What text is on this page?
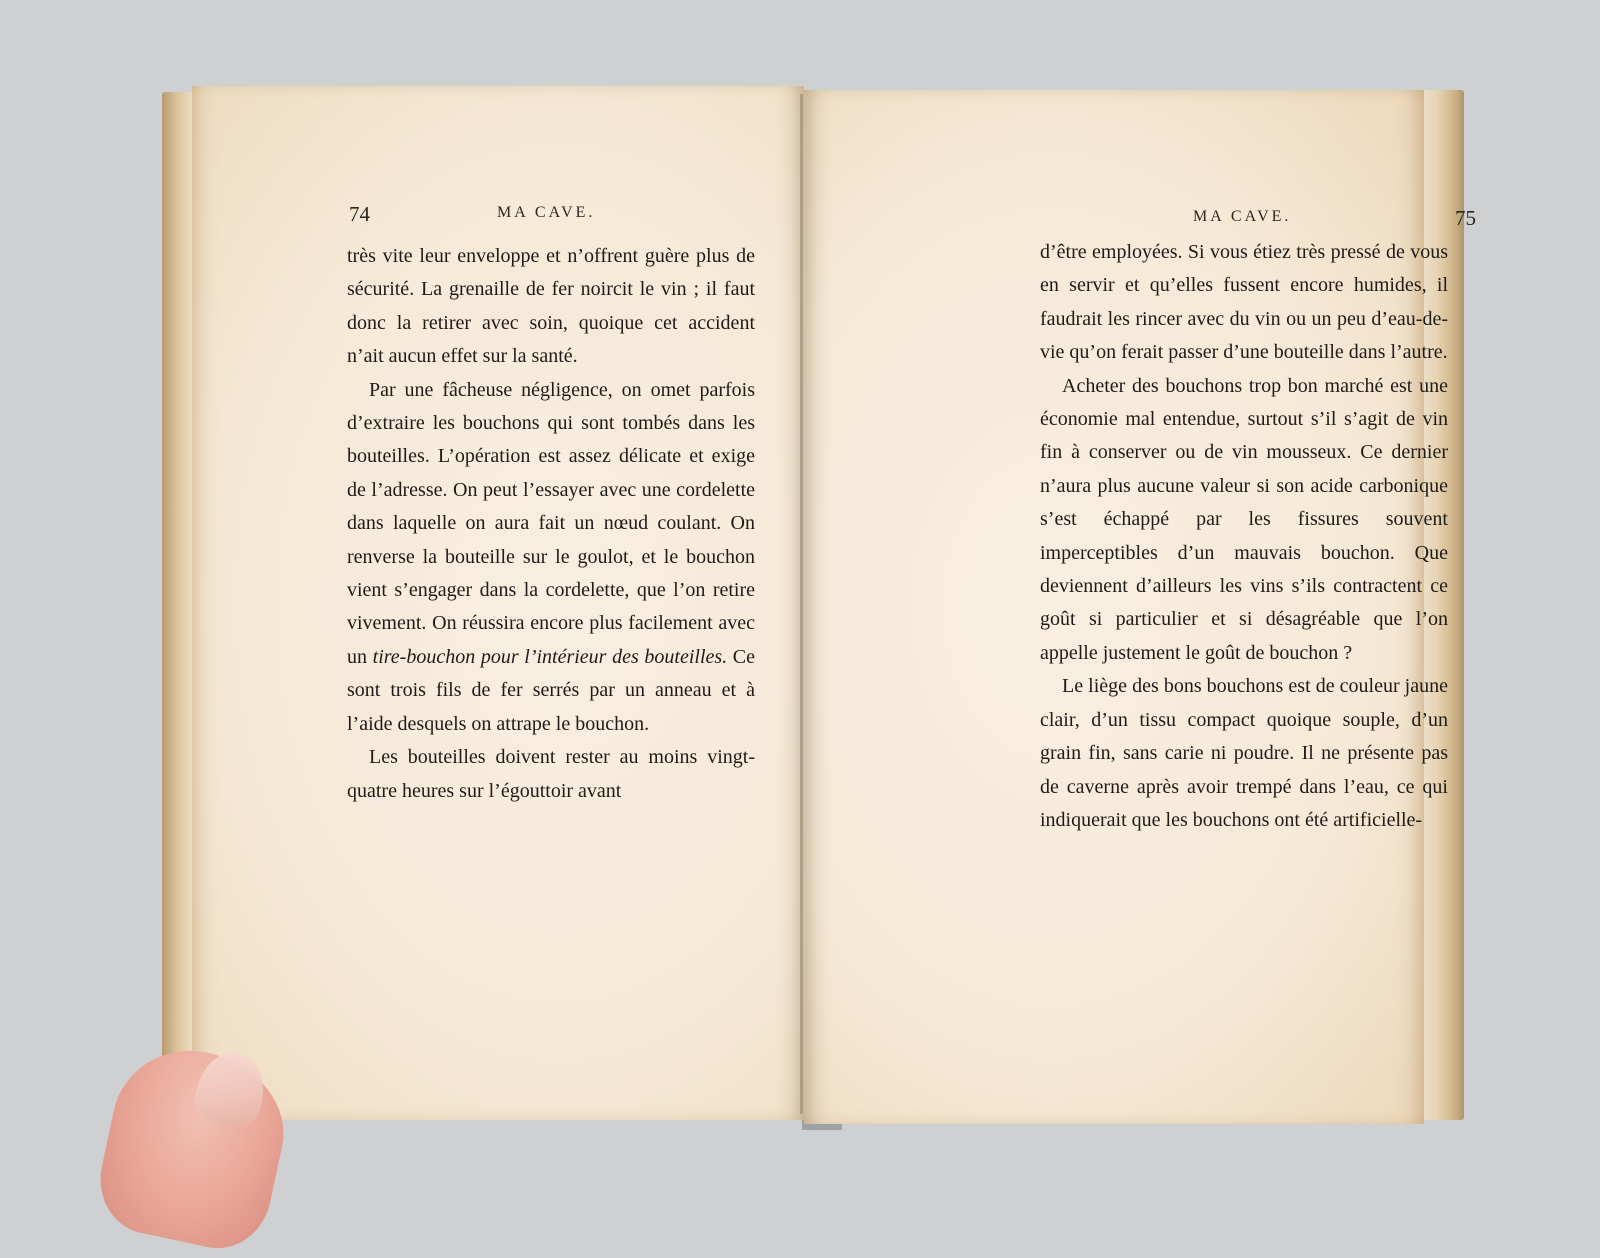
74	MA CAVE.

très vite leur enveloppe et n’offrent guère plus de sécurité. La grenaille de fer noircit le vin ; il faut donc la retirer avec soin, quoique cet accident n’ait aucun effet sur la santé.

Par une fâcheuse négligence, on omet parfois d’extraire les bouchons qui sont tombés dans les bouteilles. L’opération est assez délicate et exige de l’adresse. On peut l’essayer avec une cordelette dans laquelle on aura fait un nœud coulant. On renverse la bouteille sur le goulot, et le bouchon vient s’engager dans la cordelette, que l’on retire vivement. On réussira encore plus facilement avec un tire-bouchon pour l’intérieur des bouteilles. Ce sont trois fils de fer serrés par un anneau et à l’aide desquels on attrape le bouchon.

Les bouteilles doivent rester au moins vingt-quatre heures sur l’égouttoir avant

MA CAVE.	75

d’être employées. Si vous étiez très pressé de vous en servir et qu’elles fussent encore humides, il faudrait les rincer avec du vin ou un peu d’eau-de-vie qu’on ferait passer d’une bouteille dans l’autre.

Acheter des bouchons trop bon marché est une économie mal entendue, surtout s’il s’agit de vin fin à conserver ou de vin mousseux. Ce dernier n’aura plus aucune valeur si son acide carbonique s’est échappé par les fissures souvent imperceptibles d’un mauvais bouchon. Que deviennent d’ailleurs les vins s’ils contractent ce goût si particulier et si désagréable que l’on appelle justement le goût de bouchon ?

Le liège des bons bouchons est de couleur jaune clair, d’un tissu compact quoique souple, d’un grain fin, sans carie ni poudre. Il ne présente pas de caverne après avoir trempé dans l’eau, ce qui indiquerait que les bouchons ont été artificielle-
